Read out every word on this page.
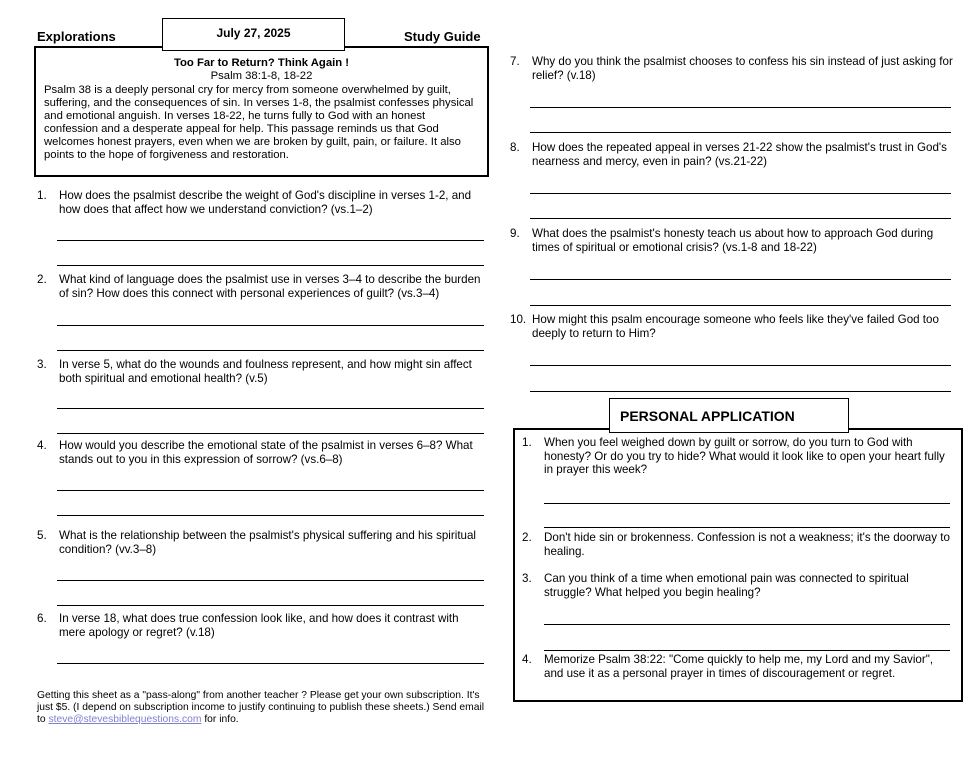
Explorations	July 27, 2025	Study Guide
Too Far to Return? Think Again !
Psalm 38:1-8, 18-22
Psalm 38 is a deeply personal cry for mercy from someone overwhelmed by guilt, suffering, and the consequences of sin. In verses 1-8, the psalmist confesses physical and emotional anguish. In verses 18-22, he turns fully to God with an honest confession and a desperate appeal for help. This passage reminds us that God welcomes honest prayers, even when we are broken by guilt, pain, or failure. It also points to the hope of forgiveness and restoration.
1. How does the psalmist describe the weight of God's discipline in verses 1-2, and how does that affect how we understand conviction? (vs.1–2)
2. What kind of language does the psalmist use in verses 3–4 to describe the burden of sin? How does this connect with personal experiences of guilt? (vs.3–4)
3. In verse 5, what do the wounds and foulness represent, and how might sin affect both spiritual and emotional health? (v.5)
4. How would you describe the emotional state of the psalmist in verses 6–8? What stands out to you in this expression of sorrow? (vs.6–8)
5. What is the relationship between the psalmist's physical suffering and his spiritual condition? (vv.3–8)
6. In verse 18, what does true confession look like, and how does it contrast with mere apology or regret? (v.18)
7. Why do you think the psalmist chooses to confess his sin instead of just asking for relief? (v.18)
8. How does the repeated appeal in verses 21-22 show the psalmist's trust in God's nearness and mercy, even in pain? (vs.21-22)
9. What does the psalmist's honesty teach us about how to approach God during times of spiritual or emotional crisis? (vs.1-8 and 18-22)
10. How might this psalm encourage someone who feels like they've failed God too deeply to return to Him?
PERSONAL APPLICATION
1. When you feel weighed down by guilt or sorrow, do you turn to God with honesty? Or do you try to hide? What would it look like to open your heart fully in prayer this week?
2. Don't hide sin or brokenness. Confession is not a weakness; it's the doorway to healing.
3. Can you think of a time when emotional pain was connected to spiritual struggle? What helped you begin healing?
4. Memorize Psalm 38:22: "Come quickly to help me, my Lord and my Savior", and use it as a personal prayer in times of discouragement or regret.
Getting this sheet as a "pass-along" from another teacher ? Please get your own subscription. It's just $5. (I depend on subscription income to justify continuing to publish these sheets.) Send email to steve@stevesbiblequestions.com for info.
